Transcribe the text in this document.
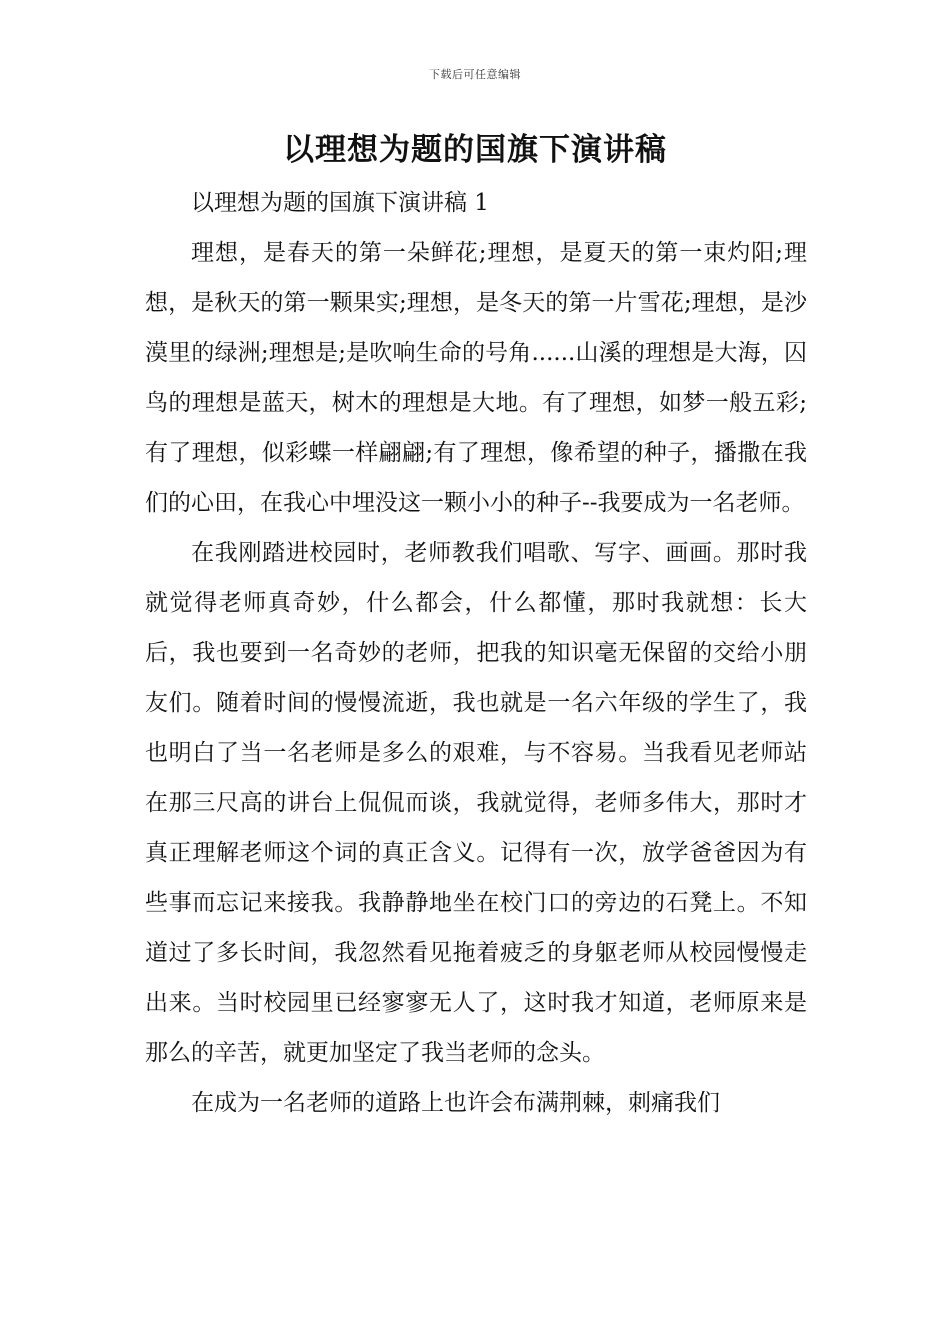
下载后可任意编辑
以理想为题的国旗下演讲稿

以理想为题的国旗下演讲稿 1

理想，是春天的第一朵鲜花;理想，是夏天的第一束灼阳;理想，是秋天的第一颗果实;理想，是冬天的第一片雪花;理想，是沙漠里的绿洲;理想是;是吹响生命的号角......山溪的理想是大海，囚鸟的理想是蓝天，树木的理想是大地。有了理想，如梦一般五彩;有了理想，似彩蝶一样翩翩;有了理想，像希望的种子，播撒在我们的心田，在我心中埋没这一颗小小的种子--我要成为一名老师。

在我刚踏进校园时，老师教我们唱歌、写字、画画。那时我就觉得老师真奇妙，什么都会，什么都懂，那时我就想：长大后，我也要到一名奇妙的老师，把我的知识毫无保留的交给小朋友们。随着时间的慢慢流逝，我也就是一名六年级的学生了，我也明白了当一名老师是多么的艰难，与不容易。当我看见老师站在那三尺高的讲台上侃侃而谈，我就觉得，老师多伟大，那时才真正理解老师这个词的真正含义。记得有一次，放学爸爸因为有些事而忘记来接我。我静静地坐在校门口的旁边的石凳上。不知道过了多长时间，我忽然看见拖着疲乏的身躯老师从校园慢慢走出来。当时校园里已经寥寥无人了，这时我才知道，老师原来是那么的辛苦，就更加坚定了我当老师的念头。

在成为一名老师的道路上也许会布满荆棘，刺痛我们
